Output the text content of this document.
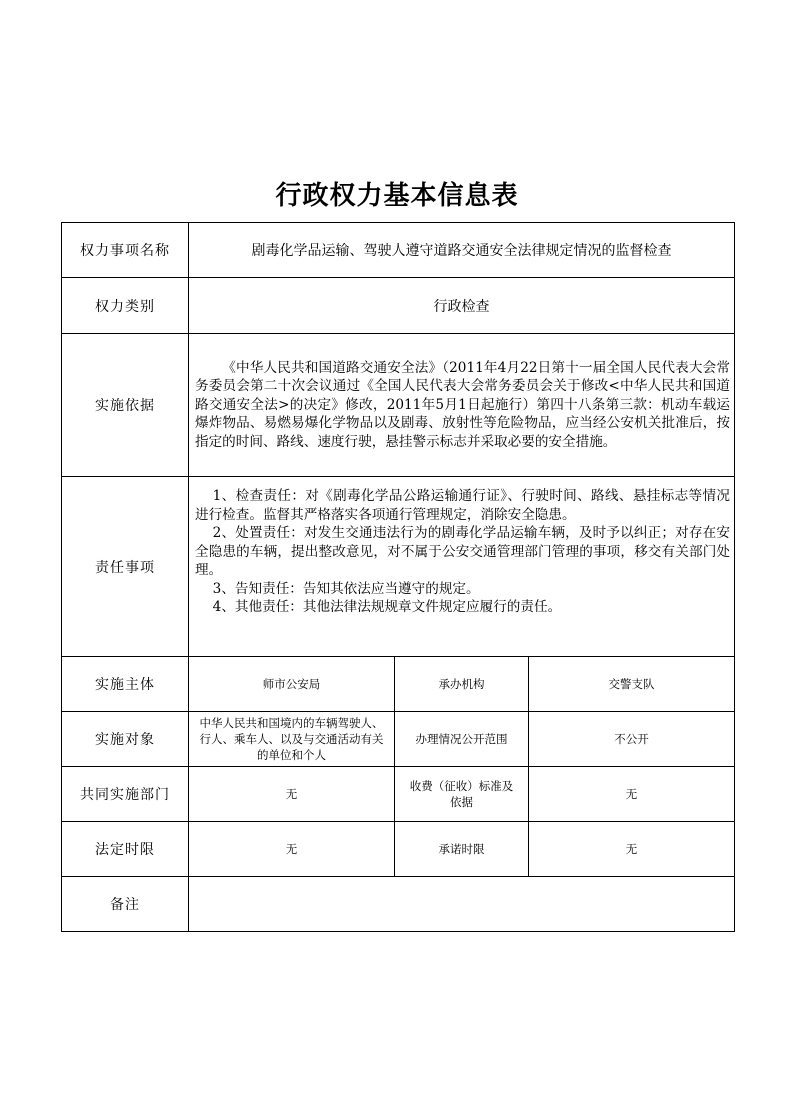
行政权力基本信息表
权力事项名称	剧毒化学品运输、驾驶人遵守道路交通安全法律规定情况的监督检查		
权力类别	行政检查		
实施依据	《中华人民共和国道路交通安全法》（2011年4月22日第十一届全国人民代表大会常务委员会第二十次会议通过《全国人民代表大会常务委员会关于修改<中华人民共和国道路交通安全法>的决定》修改，2011年5月1日起施行）第四十八条第三款：机动车载运爆炸物品、易燃易爆化学物品以及剧毒、放射性等危险物品，应当经公安机关批准后，按指定的时间、路线、速度行驶，悬挂警示标志并采取必要的安全措施。		

责任事项	1、检查责任：对《剧毒化学品公路运输通行证》、行驶时间、路线、悬挂标志等情况进行检查。监督其严格落实各项通行管理规定，消除安全隐患。

2、处置责任：对发生交通违法行为的剧毒化学品运输车辆，及时予以纠正；对存在安全隐患的车辆，提出整改意见，对不属于公安交通管理部门管理的事项，移交有关部门处理。

3、告知责任：告知其依法应当遵守的规定。

4、其他责任：其他法律法规规章文件规定应履行的责任。		

实施主体	师市公安局	承办机构	交警支队
实施对象	中华人民共和国境内的车辆驾驶人、行人、乘车人、以及与交通活动有关的单位和个人	办理情况公开范围	不公开
共同实施部门	无	收费（征收）标准及依据	无
法定时限	无	承诺时限	无
备注			
